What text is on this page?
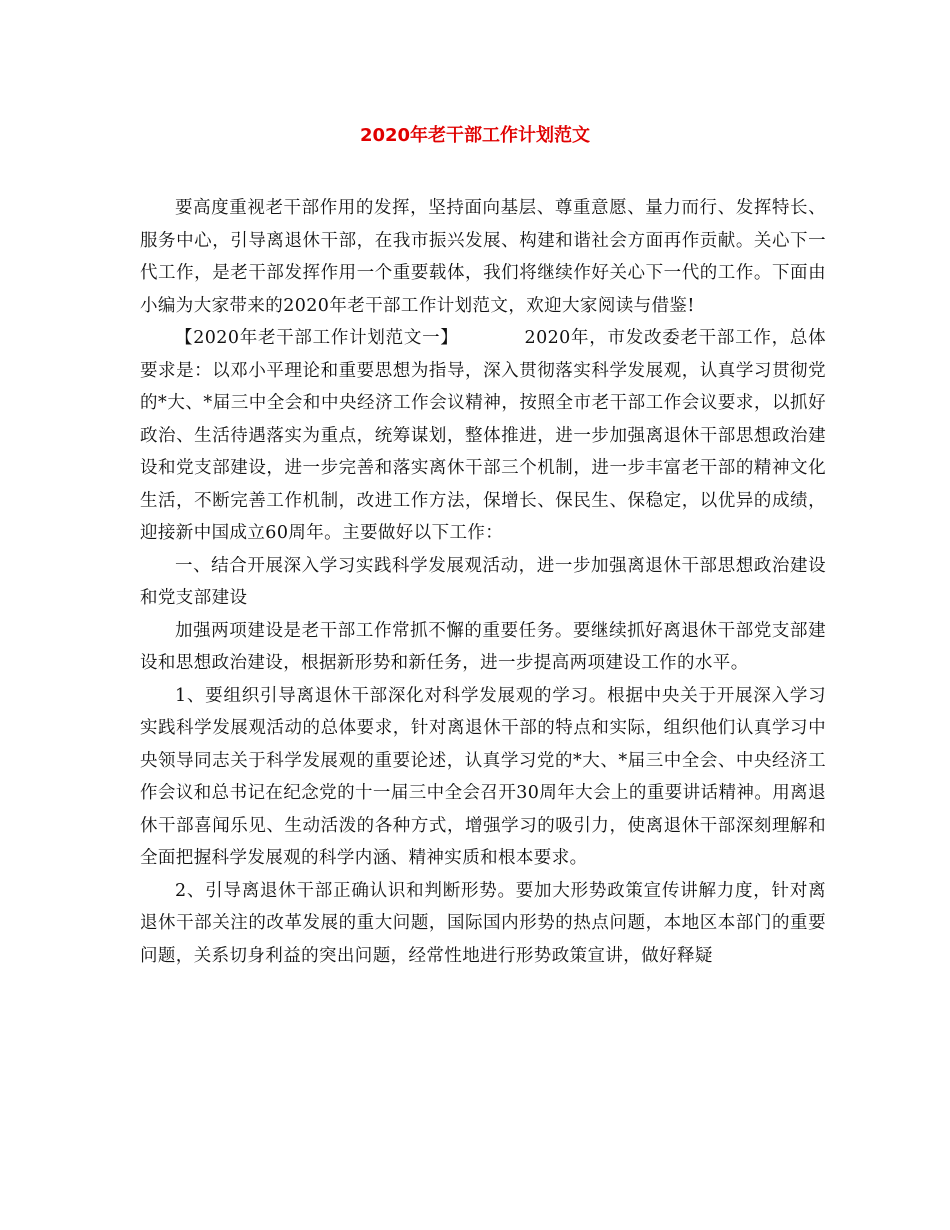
2020年老干部工作计划范文

要高度重视老干部作用的发挥，坚持面向基层、尊重意愿、量力而行、发挥特长、服务中心，引导离退休干部，在我市振兴发展、构建和谐社会方面再作贡献。关心下一代工作，是老干部发挥作用一个重要载体，我们将继续作好关心下一代的工作。下面由小编为大家带来的2020年老干部工作计划范文，欢迎大家阅读与借鉴!

【2020年老干部工作计划范文一】	2020年，市发改委老干部工作，总体要求是：以邓小平理论和重要思想为指导，深入贯彻落实科学发展观，认真学习贯彻党的*大、*届三中全会和中央经济工作会议精神，按照全市老干部工作会议要求，以抓好政治、生活待遇落实为重点，统筹谋划，整体推进，进一步加强离退休干部思想政治建设和党支部建设，进一步完善和落实离休干部三个机制，进一步丰富老干部的精神文化生活，不断完善工作机制，改进工作方法，保增长、保民生、保稳定，以优异的成绩，迎接新中国成立60周年。主要做好以下工作：

一、结合开展深入学习实践科学发展观活动，进一步加强离退休干部思想政治建设和党支部建设

加强两项建设是老干部工作常抓不懈的重要任务。要继续抓好离退休干部党支部建设和思想政治建设，根据新形势和新任务，进一步提高两项建设工作的水平。

1、要组织引导离退休干部深化对科学发展观的学习。根据中央关于开展深入学习实践科学发展观活动的总体要求，针对离退休干部的特点和实际，组织他们认真学习中央领导同志关于科学发展观的重要论述，认真学习党的*大、*届三中全会、中央经济工作会议和总书记在纪念党的十一届三中全会召开30周年大会上的重要讲话精神。用离退休干部喜闻乐见、生动活泼的各种方式，增强学习的吸引力，使离退休干部深刻理解和全面把握科学发展观的科学内涵、精神实质和根本要求。

2、引导离退休干部正确认识和判断形势。要加大形势政策宣传讲解力度，针对离退休干部关注的改革发展的重大问题，国际国内形势的热点问题，本地区本部门的重要问题，关系切身利益的突出问题，经常性地进行形势政策宣讲，做好释疑
